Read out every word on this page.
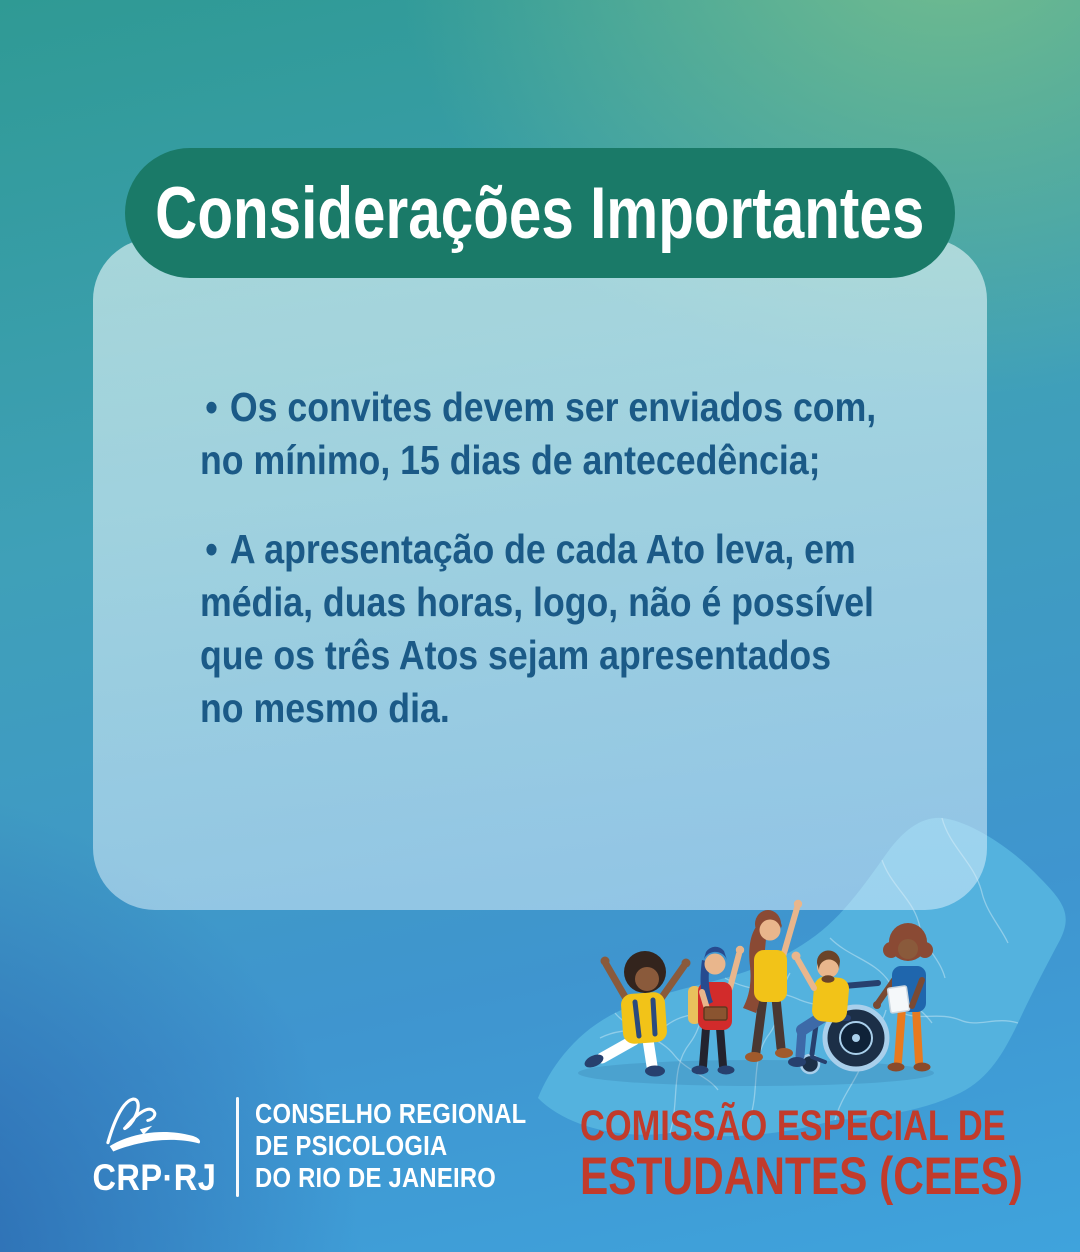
Considerações Importantes
• Os convites devem ser enviados com,
no mínimo, 15 dias de antecedência;
• A apresentação de cada Ato leva, em
média, duas horas, logo, não é possível
que os três Atos sejam apresentados
no mesmo dia.
CRP·RJ
CONSELHO REGIONAL
DE PSICOLOGIA
DO RIO DE JANEIRO
COMISSÃO ESPECIAL DE
ESTUDANTES (CEES)
